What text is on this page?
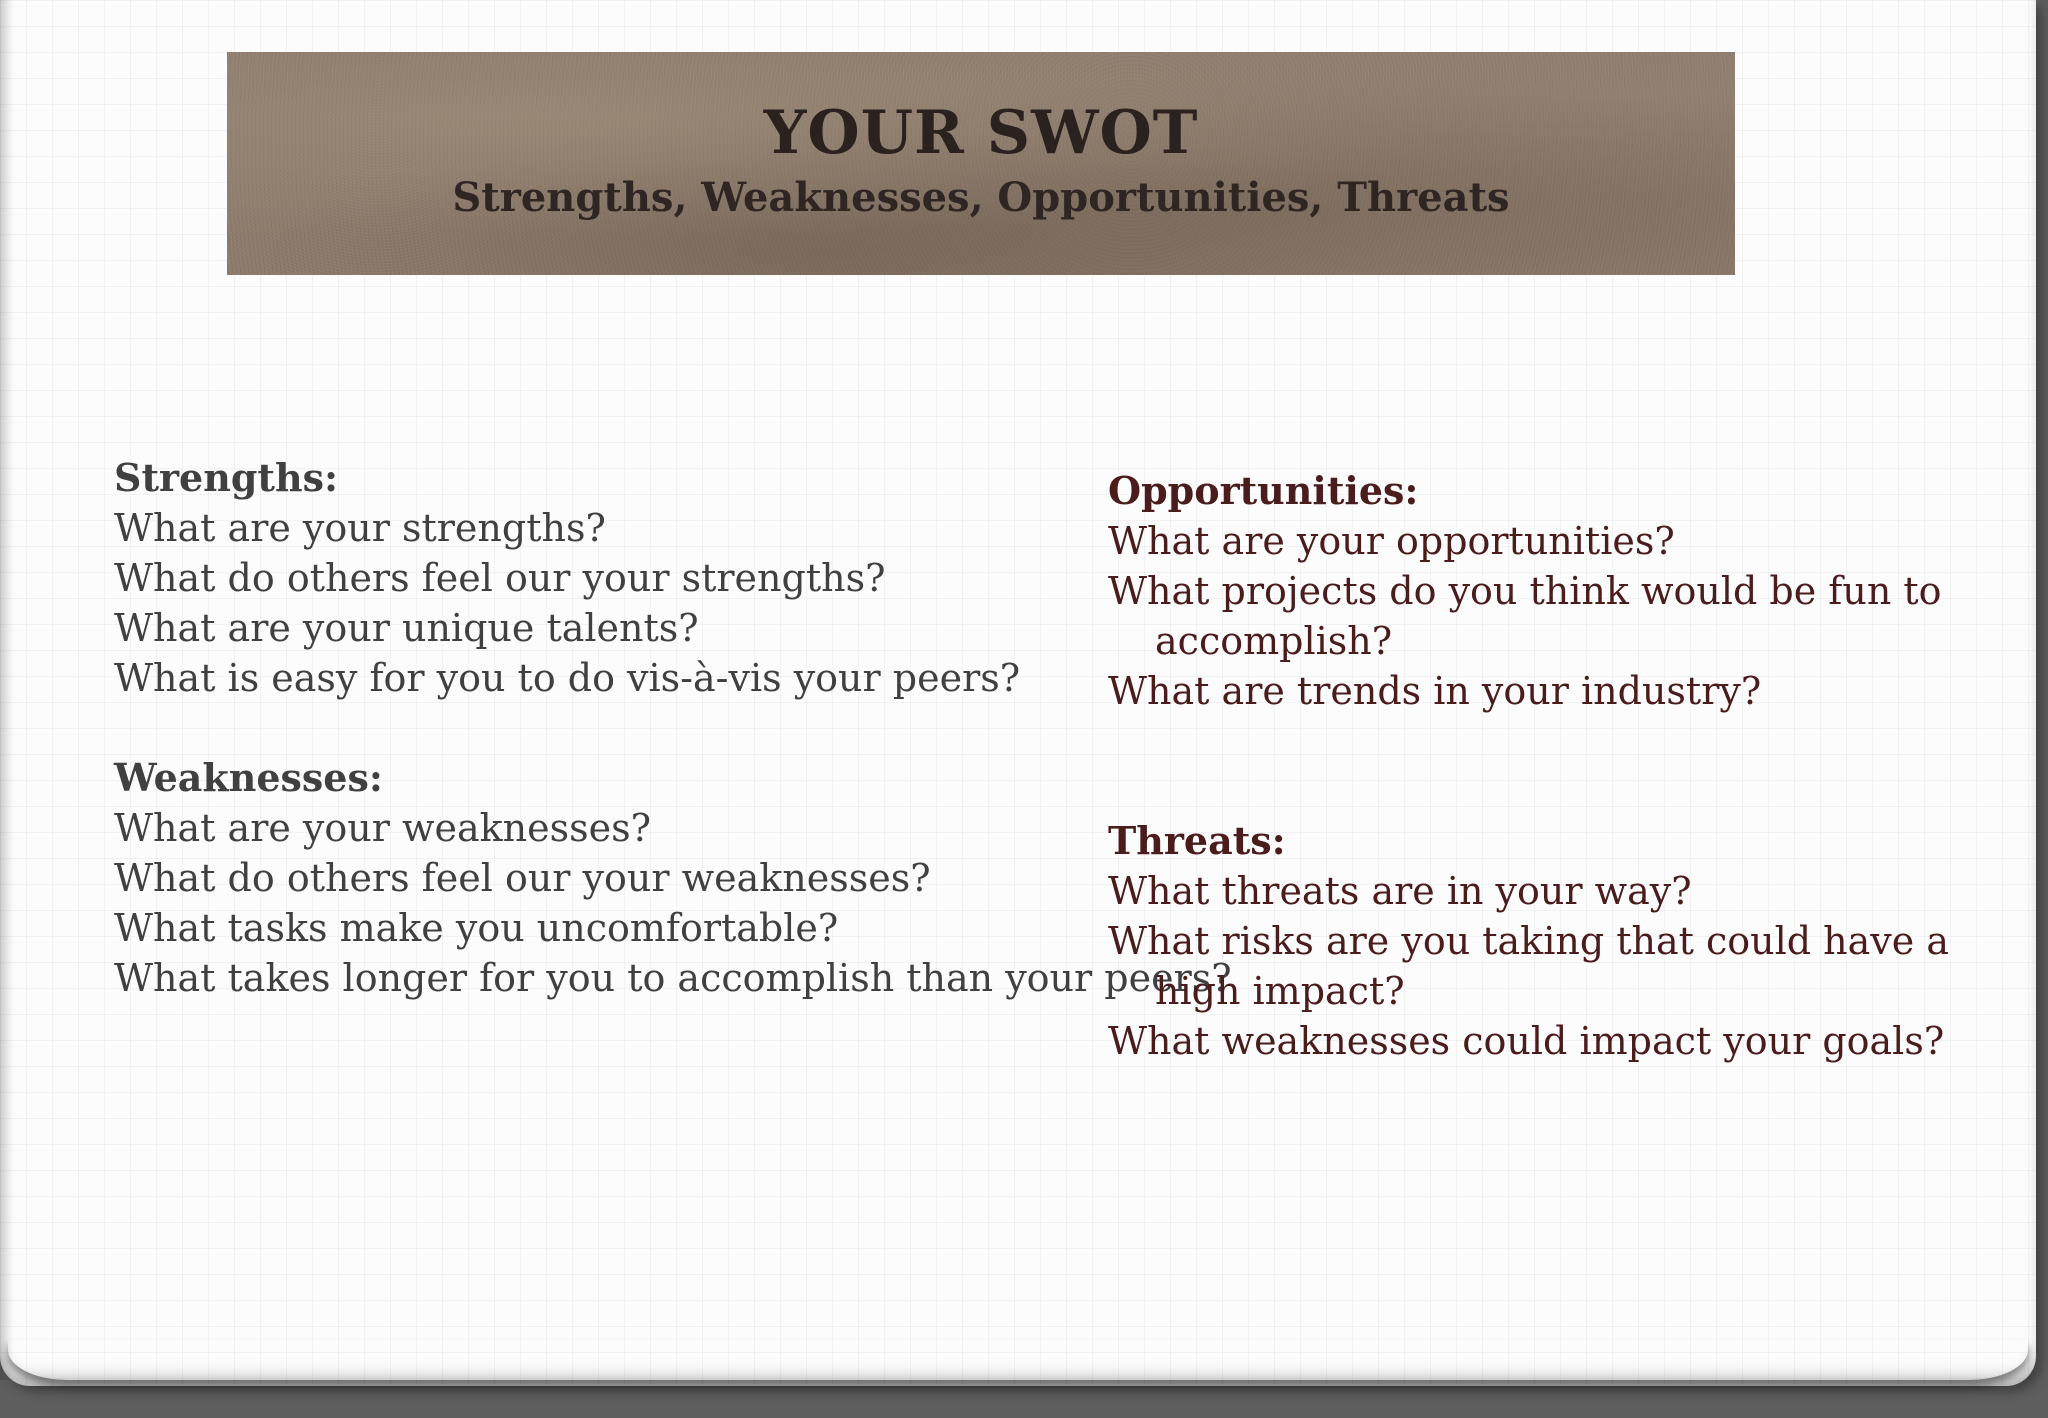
YOUR SWOT
Strengths, Weaknesses, Opportunities, Threats
Strengths:
What are your strengths?
What do others feel our your strengths?
What are your unique talents?
What is easy for you to do vis-à-vis your peers?
Weaknesses:
What are your weaknesses?
What do others feel our your weaknesses?
What tasks make you uncomfortable?
What takes longer for you to accomplish than your peers?
Opportunities:
What are your opportunities?
What projects do you think would be fun to accomplish?
What are trends in your industry?
Threats:
What threats are in your way?
What risks are you taking that could have a high impact?
What weaknesses could impact your goals?
